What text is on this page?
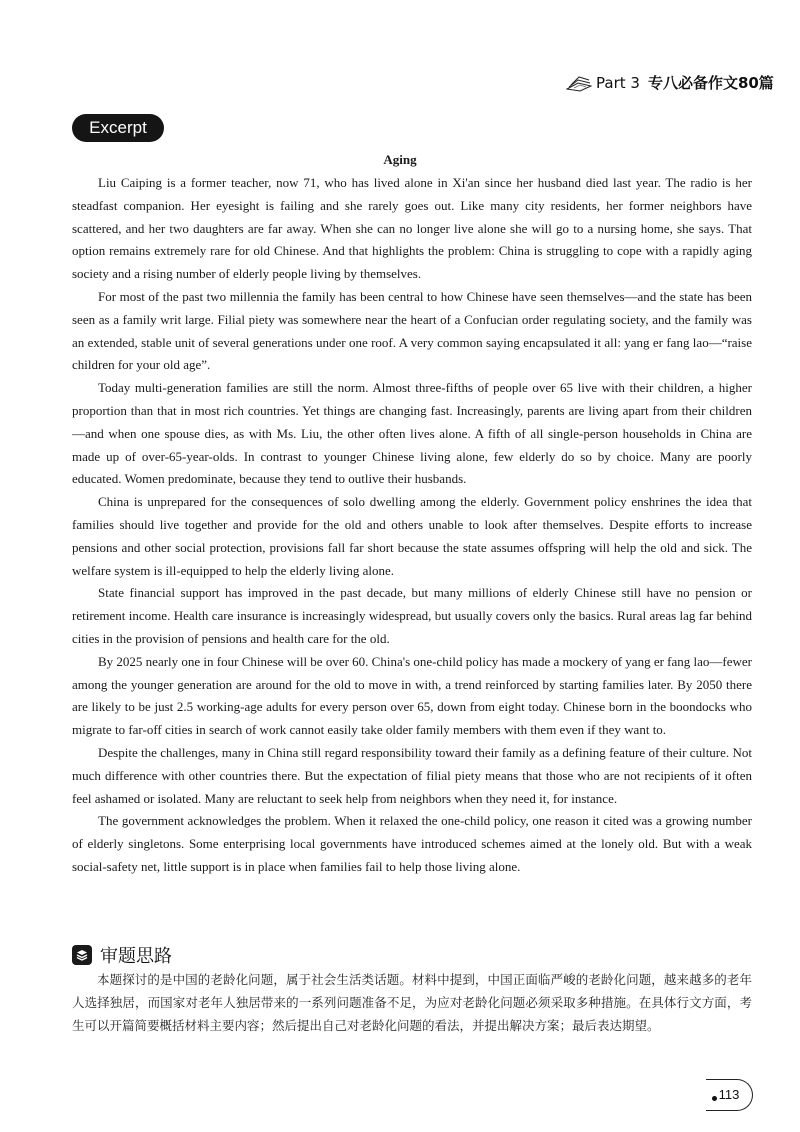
Part 3 专八必备作文80篇
Excerpt
Aging

Liu Caiping is a former teacher, now 71, who has lived alone in Xi'an since her husband died last year. The radio is her steadfast companion. Her eyesight is failing and she rarely goes out. Like many city residents, her former neighbors have scattered, and her two daughters are far away. When she can no longer live alone she will go to a nursing home, she says. That option remains extremely rare for old Chinese. And that highlights the problem: China is struggling to cope with a rapidly aging society and a rising number of elderly people living by themselves.

For most of the past two millennia the family has been central to how Chinese have seen themselves—and the state has been seen as a family writ large. Filial piety was somewhere near the heart of a Confucian order regulating society, and the family was an extended, stable unit of several generations under one roof. A very common saying encapsulated it all: yang er fang lao—“raise children for your old age”.

Today multi-generation families are still the norm. Almost three-fifths of people over 65 live with their children, a higher proportion than that in most rich countries. Yet things are changing fast. Increasingly, parents are living apart from their children—and when one spouse dies, as with Ms. Liu, the other often lives alone. A fifth of all single-person households in China are made up of over-65-year-olds. In contrast to younger Chinese living alone, few elderly do so by choice. Many are poorly educated. Women predominate, because they tend to outlive their husbands.

China is unprepared for the consequences of solo dwelling among the elderly. Government policy enshrines the idea that families should live together and provide for the old and others unable to look after themselves. Despite efforts to increase pensions and other social protection, provisions fall far short because the state assumes offspring will help the old and sick. The welfare system is ill-equipped to help the elderly living alone.

State financial support has improved in the past decade, but many millions of elderly Chinese still have no pension or retirement income. Health care insurance is increasingly widespread, but usually covers only the basics. Rural areas lag far behind cities in the provision of pensions and health care for the old.

By 2025 nearly one in four Chinese will be over 60. China's one-child policy has made a mockery of yang er fang lao—fewer among the younger generation are around for the old to move in with, a trend reinforced by starting families later. By 2050 there are likely to be just 2.5 working-age adults for every person over 65, down from eight today. Chinese born in the boondocks who migrate to far-off cities in search of work cannot easily take older family members with them even if they want to.

Despite the challenges, many in China still regard responsibility toward their family as a defining feature of their culture. Not much difference with other countries there. But the expectation of filial piety means that those who are not recipients of it often feel ashamed or isolated. Many are reluctant to seek help from neighbors when they need it, for instance.

The government acknowledges the problem. When it relaxed the one-child policy, one reason it cited was a growing number of elderly singletons. Some enterprising local governments have introduced schemes aimed at the lonely old. But with a weak social-safety net, little support is in place when families fail to help those living alone.

审题思路

本题探讨的是中国的老龄化问题，属于社会生活类话题。材料中提到，中国正面临严峻的老龄化问题，越来越多的老年人选择独居，而国家对老年人独居带来的一系列问题准备不足，为应对老龄化问题必须采取多种措施。在具体行文方面，考生可以开篇简要概括材料主要内容；然后提出自己对老龄化问题的看法，并提出解决方案；最后表达期望。

113
